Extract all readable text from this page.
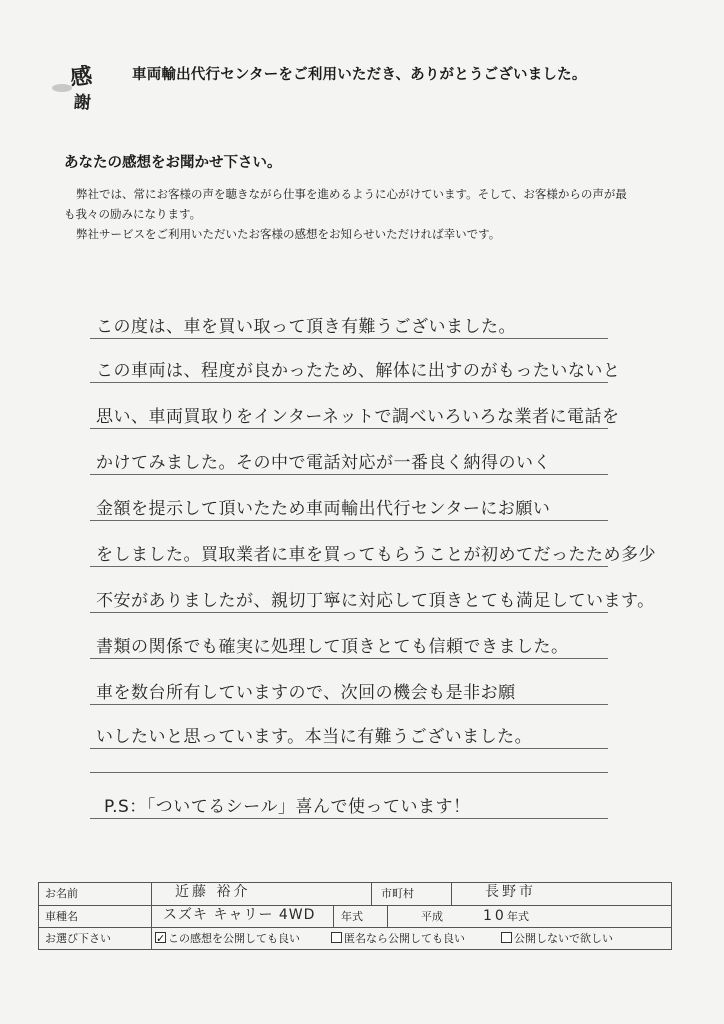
感
謝
車両輸出代行センターをご利用いただき、ありがとうございました。
あなたの感想をお聞かせ下さい。

弊社では、常にお客様の声を聴きながら仕事を進めるように心がけています。そして、お客様からの声が最

も我々の励みになります。

弊社サービスをご利用いただいたお客様の感想をお知らせいただければ幸いです。

この度は、車を買い取って頂き有難うございました。
この車両は、程度が良かったため、解体に出すのがもったいないと
思い、車両買取りをインターネットで調べいろいろな業者に電話を
かけてみました。その中で電話対応が一番良く納得のいく
金額を提示して頂いたため車両輸出代行センターにお願い
をしました。買取業者に車を買ってもらうことが初めてだったため多少
不安がありましたが、親切丁寧に対応して頂きとても満足しています。
書類の関係でも確実に処理して頂きとても信頼できました。
車を数台所有していますので、次回の機会も是非お願
いしたいと思っています。本当に有難うございました。
P.S：「ついてるシール」喜んで使っています！
お名前	近藤 裕介	市町村	長野市
車種名	スズキ キャリー 4WD	年式	平成	10 年式
お選び下さい
✓	この感想を公開しても良い	匿名なら公開しても良い	公開しないで欲しい
